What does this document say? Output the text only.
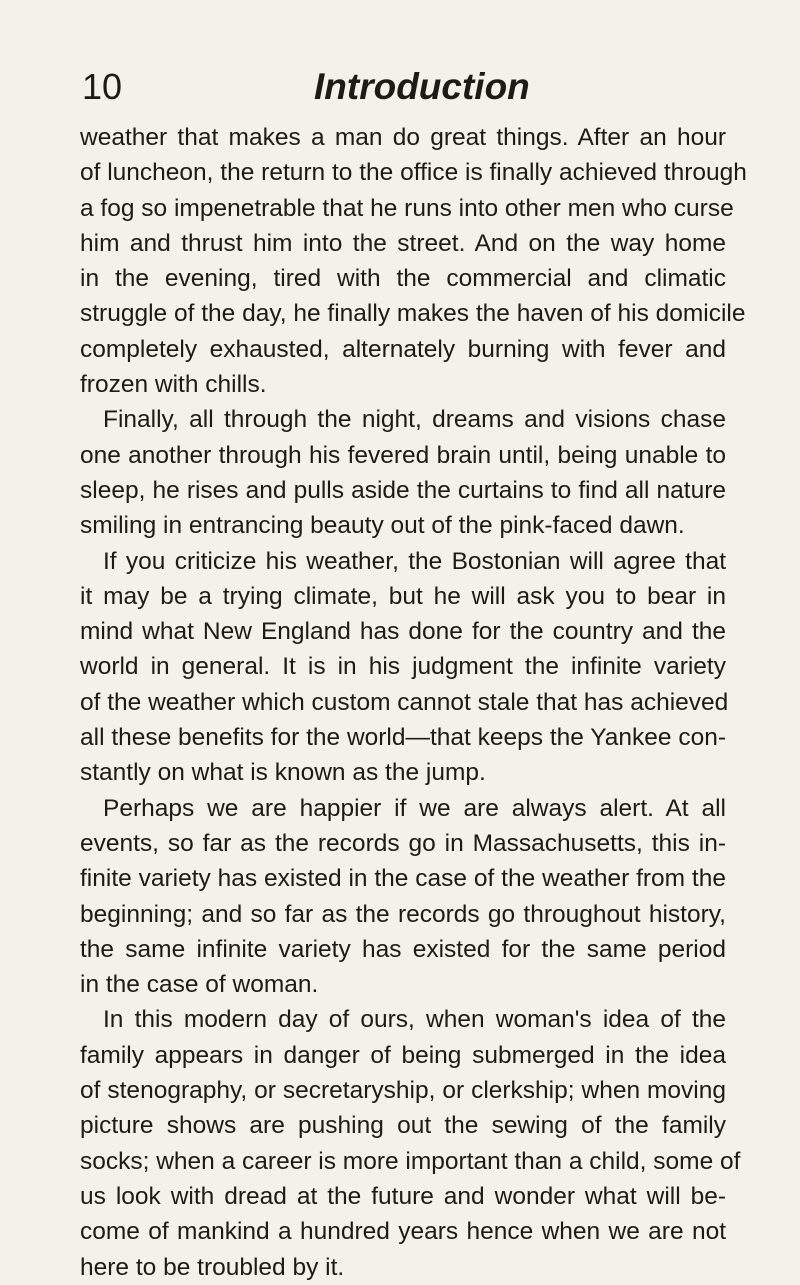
10	Introduction
weather that makes a man do great things. After an hour
of luncheon, the return to the office is finally achieved through
a fog so impenetrable that he runs into other men who curse
him and thrust him into the street. And on the way home
in the evening, tired with the commercial and climatic
struggle of the day, he finally makes the haven of his domicile
completely exhausted, alternately burning with fever and
frozen with chills.
Finally, all through the night, dreams and visions chase
one another through his fevered brain until, being unable to
sleep, he rises and pulls aside the curtains to find all nature
smiling in entrancing beauty out of the pink-faced dawn.
If you criticize his weather, the Bostonian will agree that
it may be a trying climate, but he will ask you to bear in
mind what New England has done for the country and the
world in general. It is in his judgment the infinite variety
of the weather which custom cannot stale that has achieved
all these benefits for the world—that keeps the Yankee con-
stantly on what is known as the jump.
Perhaps we are happier if we are always alert. At all
events, so far as the records go in Massachusetts, this in-
finite variety has existed in the case of the weather from the
beginning; and so far as the records go throughout history,
the same infinite variety has existed for the same period
in the case of woman.
In this modern day of ours, when woman's idea of the
family appears in danger of being submerged in the idea
of stenography, or secretaryship, or clerkship; when moving
picture shows are pushing out the sewing of the family
socks; when a career is more important than a child, some of
us look with dread at the future and wonder what will be-
come of mankind a hundred years hence when we are not
here to be troubled by it.
